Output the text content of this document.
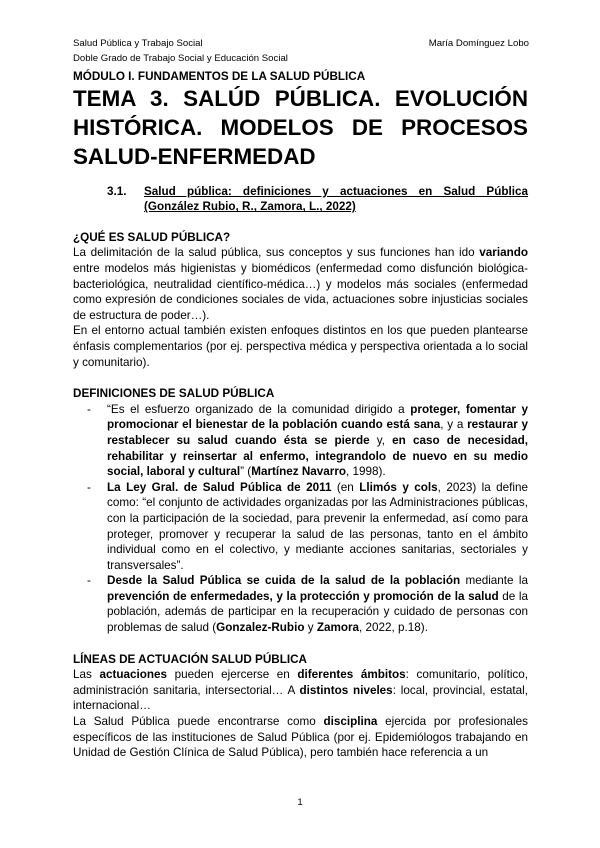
Salud Pública y Trabajo Social
Doble Grado de Trabajo Social y Educación Social
María Domínguez Lobo
MÓDULO I. FUNDAMENTOS DE LA SALUD PÚBLICA
TEMA 3. SALÚD PÚBLICA. EVOLUCIÓN
HISTÓRICA. MODELOS DE PROCESOS
SALUD-ENFERMEDAD
3.1.	Salud pública: definiciones y actuaciones en Salud Pública (González Rubio, R., Zamora, L., 2022)
¿QUÉ ES SALUD PÚBLICA?

La delimitación de la salud pública, sus conceptos y sus funciones han ido variando entre modelos más higienistas y biomédicos (enfermedad como disfunción biológica-bacteriológica, neutralidad científico-médica…) y modelos más sociales (enfermedad como expresión de condiciones sociales de vida, actuaciones sobre injusticias sociales de estructura de poder…).

En el entorno actual también existen enfoques distintos en los que pueden plantearse énfasis complementarios (por ej. perspectiva médica y perspectiva orientada a lo social y comunitario).

DEFINICIONES DE SALUD PÚBLICA
- “Es el esfuerzo organizado de la comunidad dirigido a proteger, fomentar y promocionar el bienestar de la población cuando está sana, y a restaurar y restablecer su salud cuando ésta se pierde y, en caso de necesidad, rehabilitar y reinsertar al enfermo, integrandolo de nuevo en su medio social, laboral y cultural” (Martínez Navarro, 1998).
- La Ley Gral. de Salud Pública de 2011 (en Llimós y cols, 2023) la define como: “el conjunto de actividades organizadas por las Administraciones públicas, con la participación de la sociedad, para prevenir la enfermedad, así como para proteger, promover y recuperar la salud de las personas, tanto en el ámbito individual como en el colectivo, y mediante acciones sanitarias, sectoriales y transversales”.
- Desde la Salud Pública se cuida de la salud de la población mediante la prevención de enfermedades, y la protección y promoción de la salud de la población, además de participar en la recuperación y cuidado de personas con problemas de salud (Gonzalez-Rubio y Zamora, 2022, p.18).
LÍNEAS DE ACTUACIÓN SALUD PÚBLICA

Las actuaciones pueden ejercerse en diferentes ámbitos: comunitario, político, administración sanitaria, intersectorial… A distintos niveles: local, provincial, estatal, internacional…

La Salud Pública puede encontrarse como disciplina ejercida por profesionales específicos de las instituciones de Salud Pública (por ej. Epidemiólogos trabajando en Unidad de Gestión Clínica de Salud Pública), pero también hace referencia a un

1
